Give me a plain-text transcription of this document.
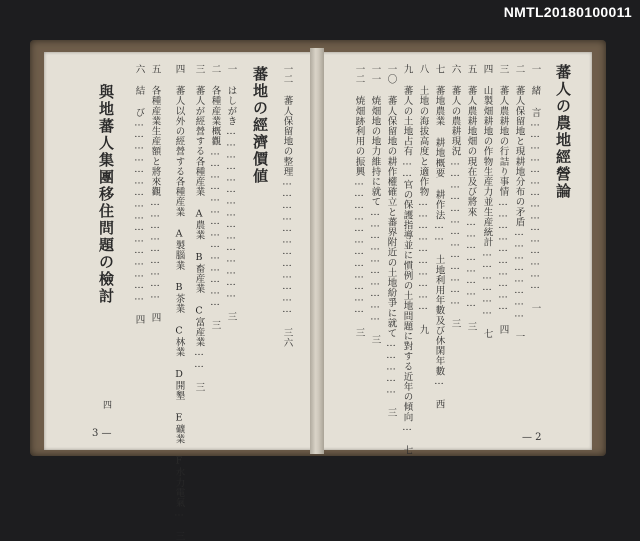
NMTL20180100011
蕃人の農地經營論
一 緒 言……………………………………… 一
二 蕃人保留地と現耕地分布の矛盾…………………… 一
三 蕃人農耕地の行詰り事情………………………… 四
四 山製畑耕地の作物生産力並生産統計……………… 七
五 蕃人農耕地畑の現在及び將來…………………… 三
六 蕃人の農耕現況………………………………… 三
七 蕃地農業 耕地概要 耕作法…… 土地利用年數及び休閑年數… 西
八 土地の海拔高度と適作物………………………… 九
九 蕃人の土地占有……官の保護指導並に慣例の土地問題に對する近年の傾向… 七
一〇 蕃人保留地の耕作權確立と蕃界附近の土地紛爭に就て…………… 三
一一 焼畑地の地力維持に就て………………………… 三
一二 焼畑跡利用の振興……………………………… 三
— 2
一二 蕃人保留地の整理……………………………… 三六
蕃地の經濟價値
一 はしがき……………………………………… 三
二 各種産業概觀…………………………………… 三
三 蕃人が經營する各種産業 A農業 B畜産業 C富産業…… 三
四 蕃人以外の經營する各種産業 A製腦業 B茶業 C林業 D開墾 E礦業 F水力電氣… 三
五 各種産業生産額と將來觀……………………… 四
六 結 び………………………………………… 四
與地蕃人集團移住問題の檢討
四
3 —
